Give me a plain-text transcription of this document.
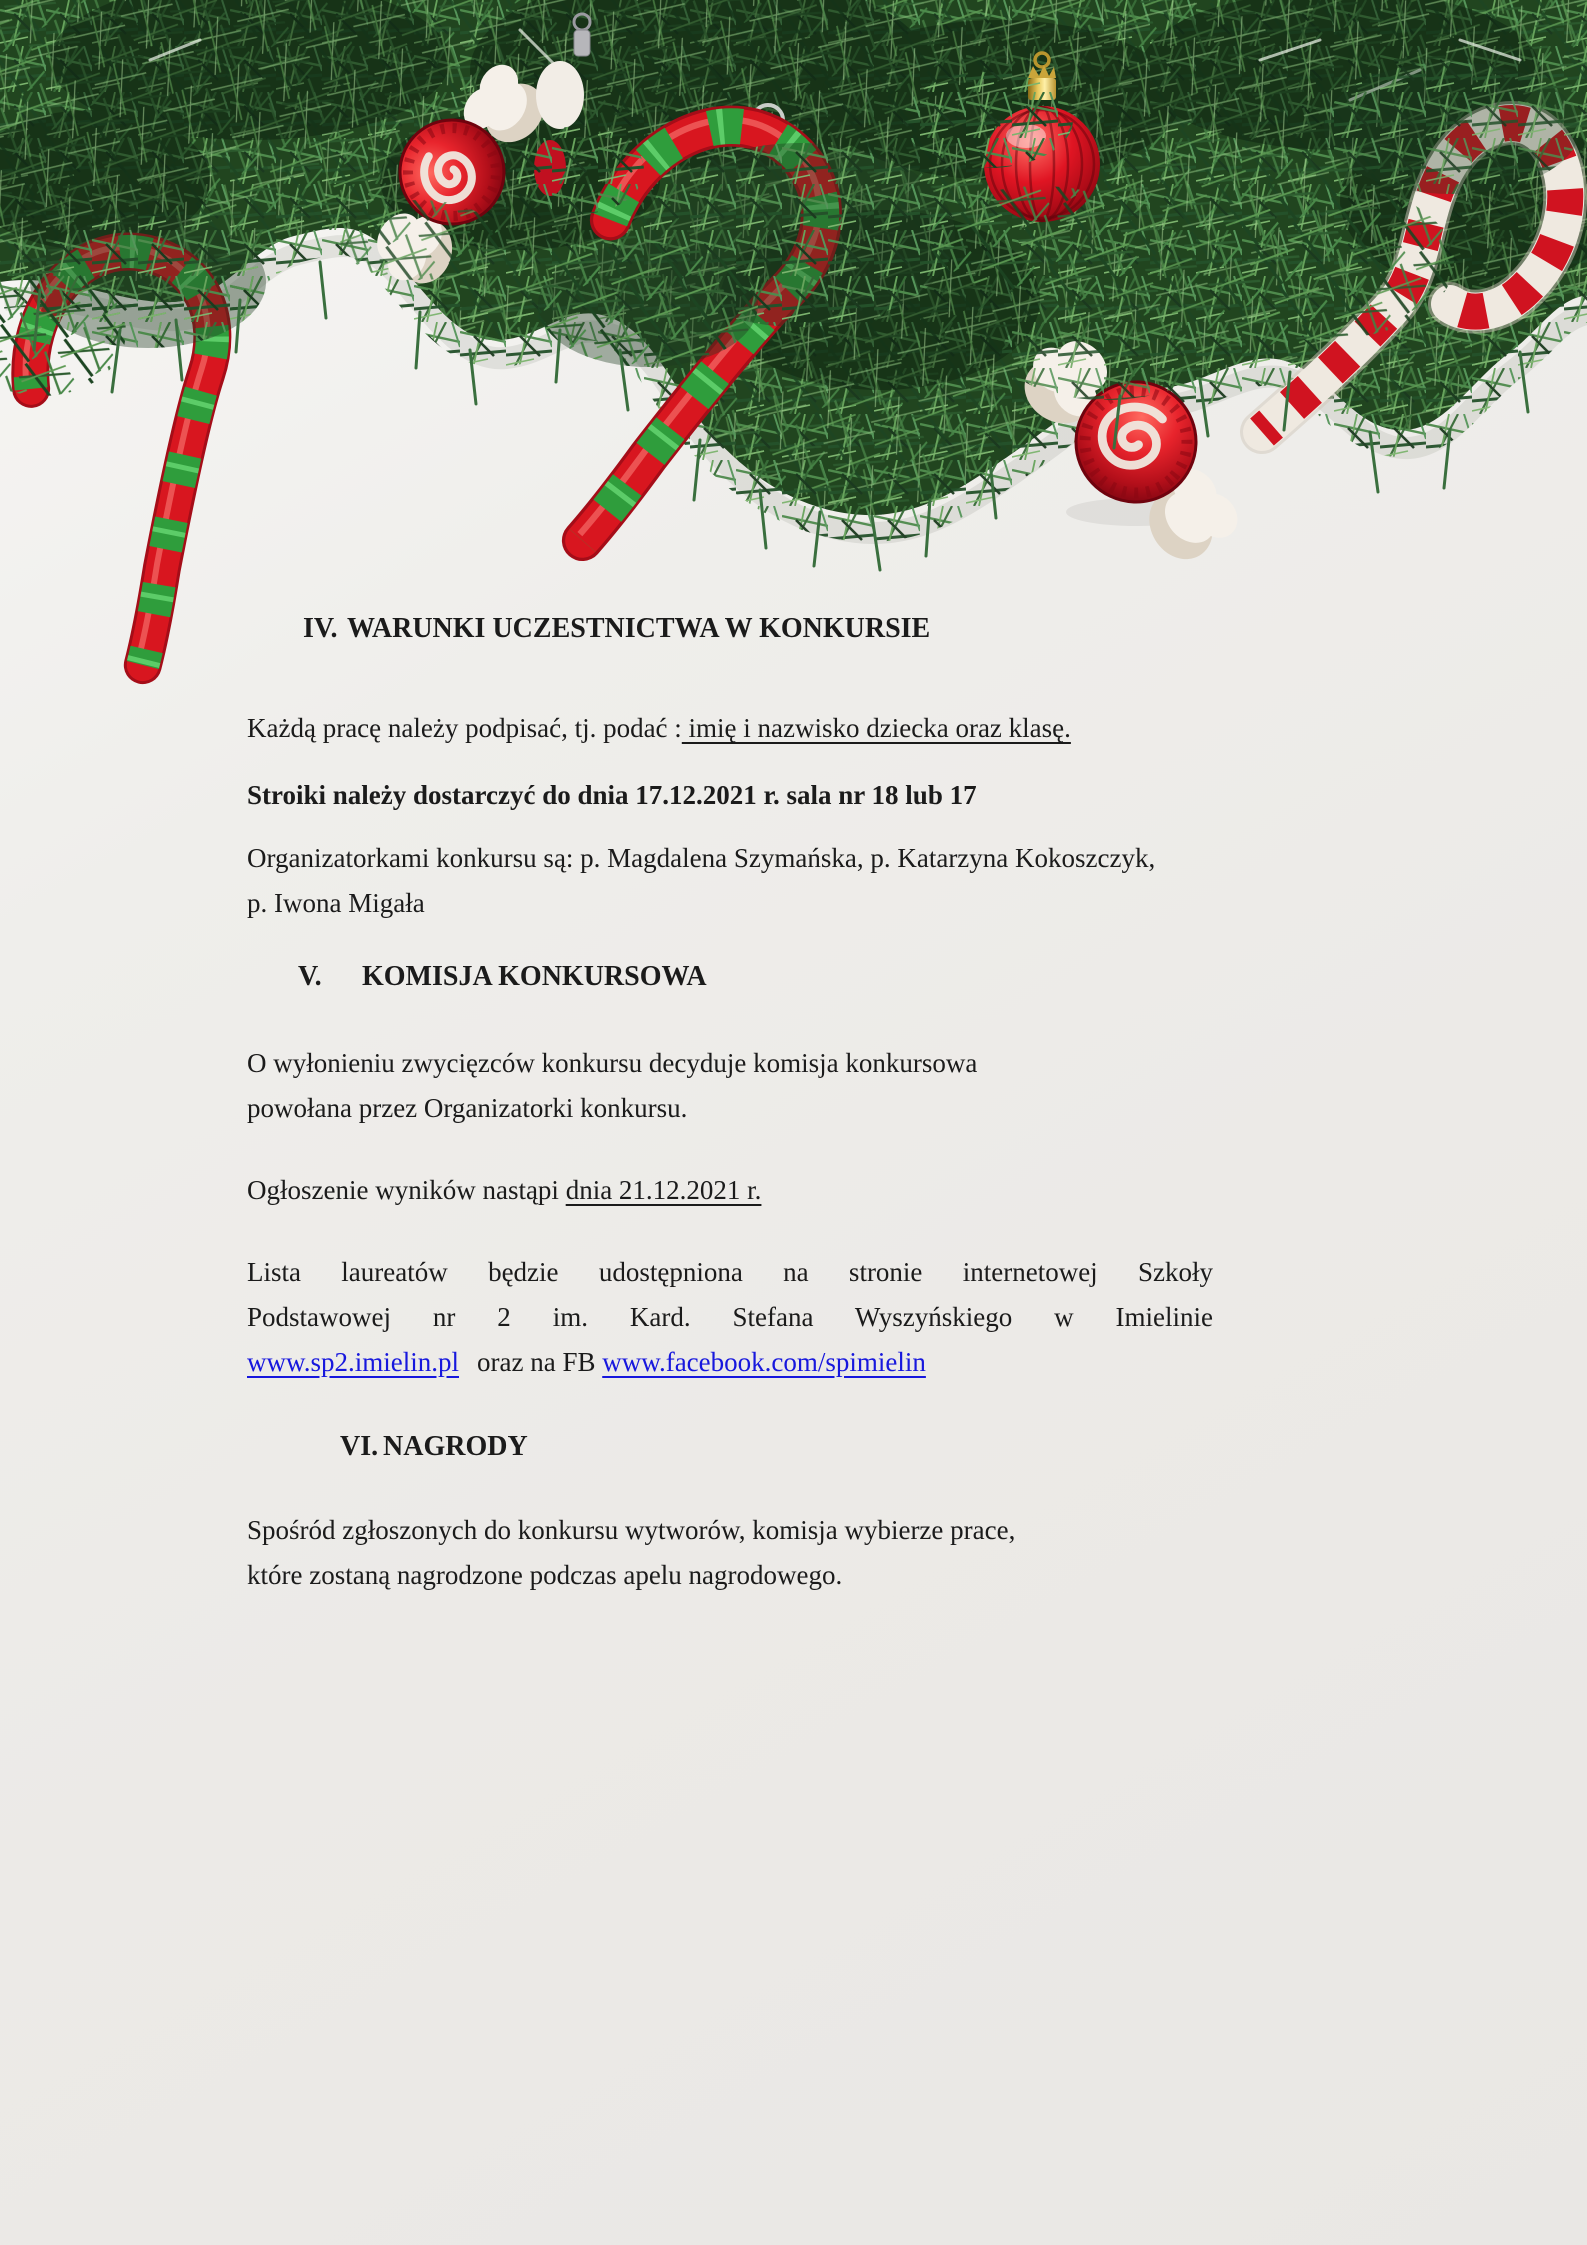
IV. WARUNKI UCZESTNICTWA W KONKURSIE

Każdą pracę należy podpisać, tj. podać : imię i nazwisko dziecka oraz klasę.

Stroiki należy dostarczyć do dnia 17.12.2021 r. sala nr 18 lub 17

Organizatorkami konkursu są: p. Magdalena Szymańska, p. Katarzyna Kokoszczyk,
p. Iwona Migała

V. KOMISJA KONKURSOWA

O wyłonieniu zwycięzców konkursu decyduje komisja konkursowa
powołana przez Organizatorki konkursu.

Ogłoszenie wyników nastąpi dnia 21.12.2021 r.

Lista laureatów będzie udostępniona na stronie internetowej Szkoły
Podstawowej nr 2 im. Kard. Stefana Wyszyńskiego w Imielinie
www.sp2.imielin.pl oraz na FB www.facebook.com/spimielin

VI. NAGRODY

Spośród zgłoszonych do konkursu wytworów, komisja wybierze prace,
które zostaną nagrodzone podczas apelu nagrodowego.
